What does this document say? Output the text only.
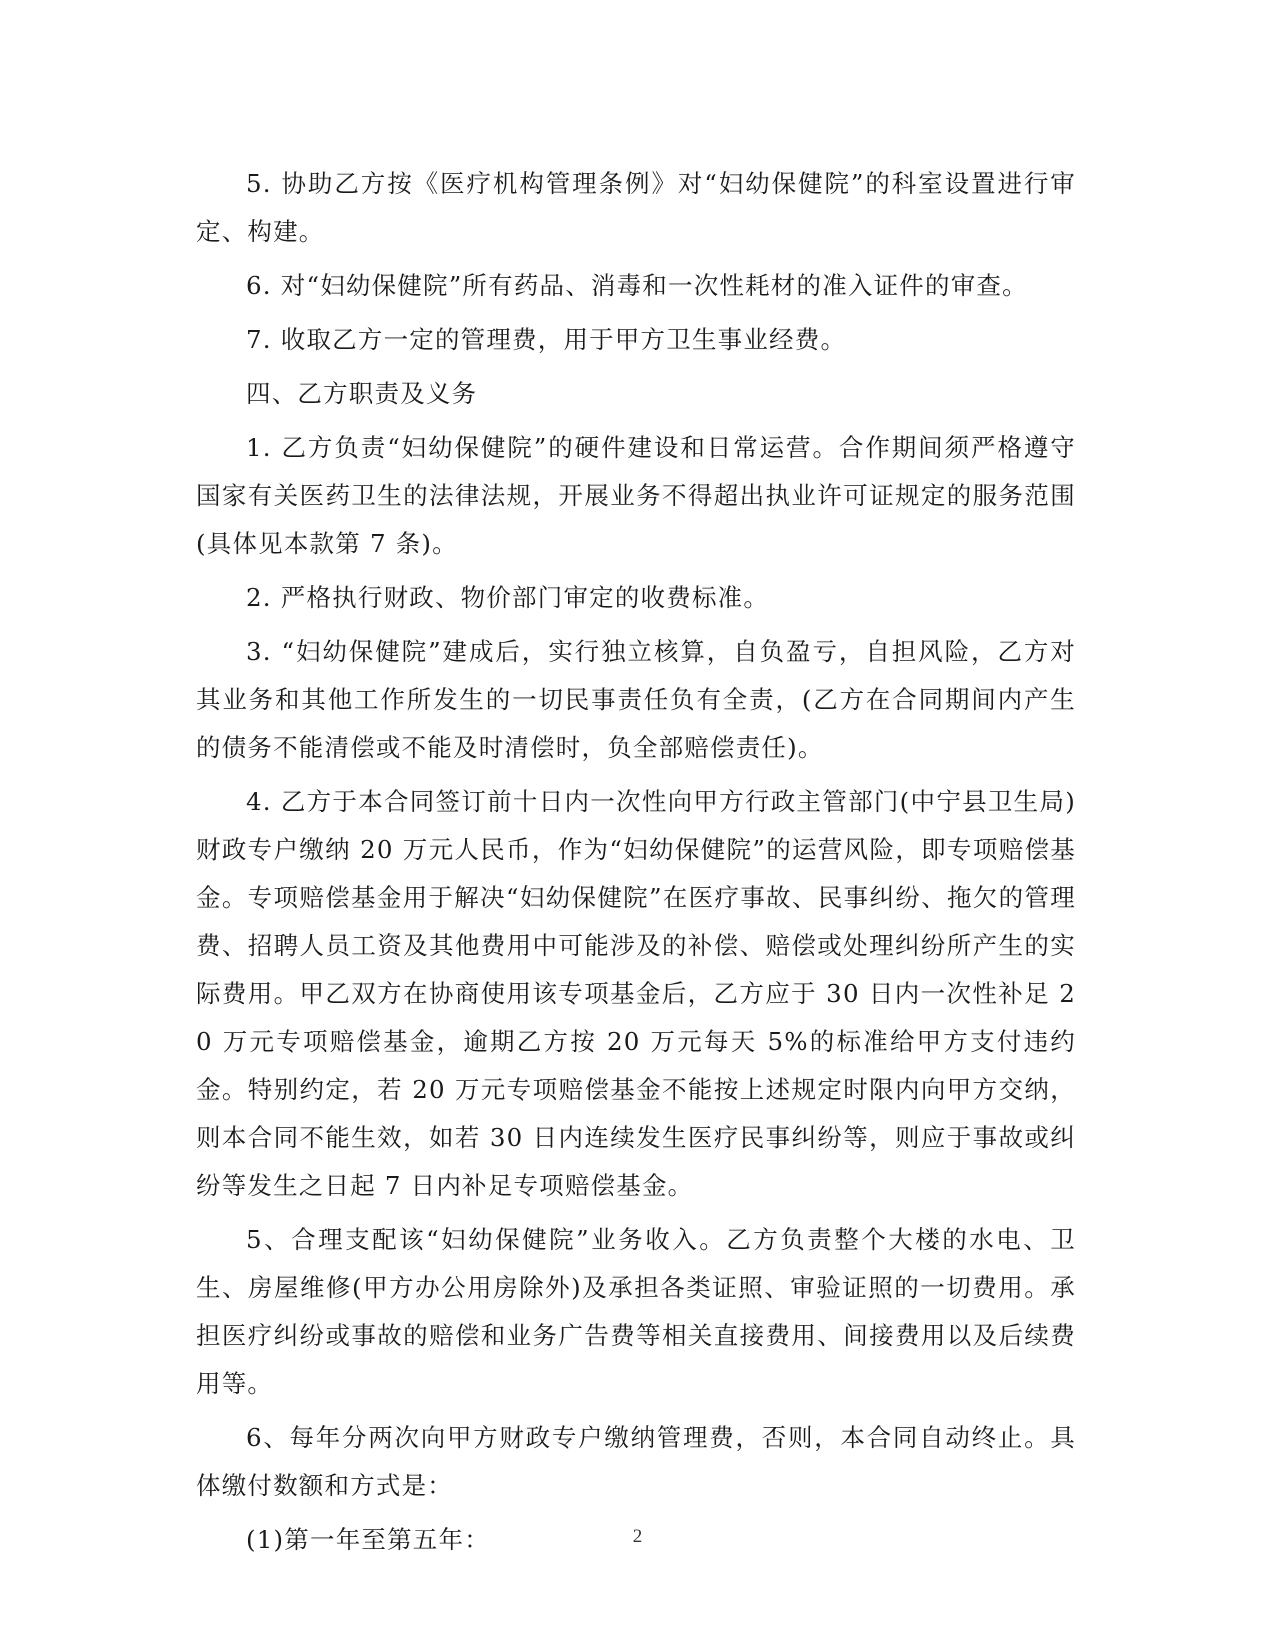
5. 协助乙方按《医疗机构管理条例》对“妇幼保健院”的科室设置进行审定、构建。

6. 对“妇幼保健院”所有药品、消毒和一次性耗材的准入证件的审查。

7. 收取乙方一定的管理费，用于甲方卫生事业经费。

四、乙方职责及义务

1. 乙方负责“妇幼保健院”的硬件建设和日常运营。合作期间须严格遵守国家有关医药卫生的法律法规，开展业务不得超出执业许可证规定的服务范围(具体见本款第 7 条)。

2. 严格执行财政、物价部门审定的收费标准。

3. “妇幼保健院”建成后，实行独立核算，自负盈亏，自担风险，乙方对其业务和其他工作所发生的一切民事责任负有全责，(乙方在合同期间内产生的债务不能清偿或不能及时清偿时，负全部赔偿责任)。

4. 乙方于本合同签订前十日内一次性向甲方行政主管部门(中宁县卫生局)财政专户缴纳 20 万元人民币，作为“妇幼保健院”的运营风险，即专项赔偿基金。专项赔偿基金用于解决“妇幼保健院”在医疗事故、民事纠纷、拖欠的管理费、招聘人员工资及其他费用中可能涉及的补偿、赔偿或处理纠纷所产生的实际费用。甲乙双方在协商使用该专项基金后，乙方应于 30 日内一次性补足 20 万元专项赔偿基金，逾期乙方按 20 万元每天 5%的标准给甲方支付违约金。特别约定，若 20 万元专项赔偿基金不能按上述规定时限内向甲方交纳，则本合同不能生效，如若 30 日内连续发生医疗民事纠纷等，则应于事故或纠纷等发生之日起 7 日内补足专项赔偿基金。

5、合理支配该“妇幼保健院”业务收入。乙方负责整个大楼的水电、卫生、房屋维修(甲方办公用房除外)及承担各类证照、审验证照的一切费用。承担医疗纠纷或事故的赔偿和业务广告费等相关直接费用、间接费用以及后续费用等。

6、每年分两次向甲方财政专户缴纳管理费，否则，本合同自动终止。具体缴付数额和方式是：

(1)第一年至第五年：	2
